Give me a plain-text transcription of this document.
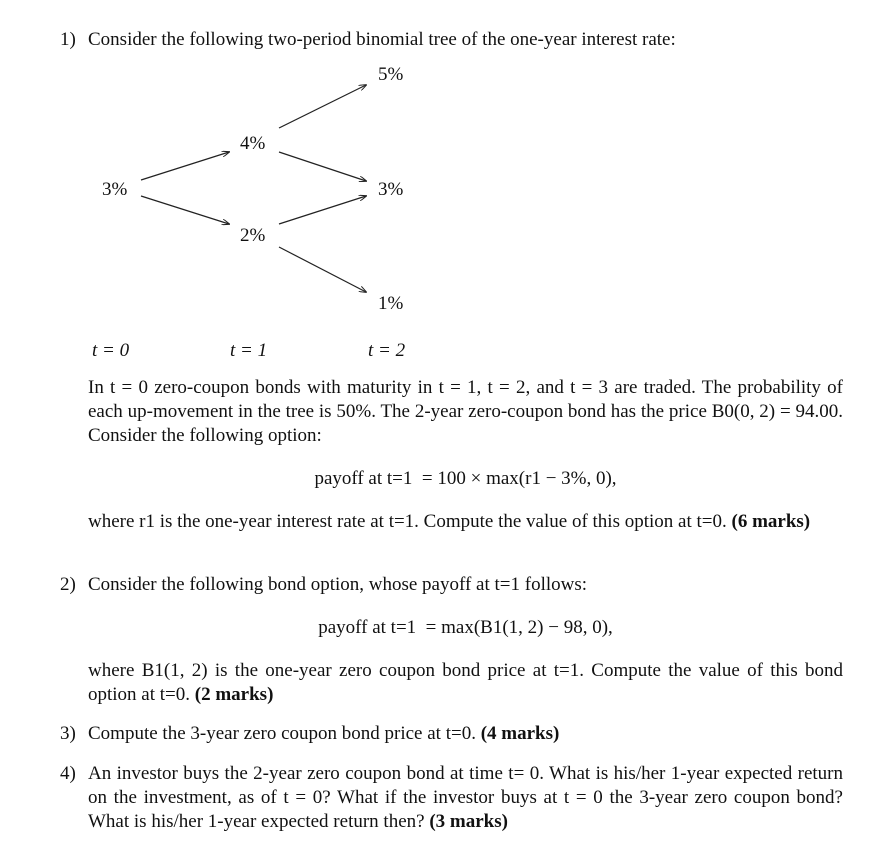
1) Consider the following two-period binomial tree of the one-year interest rate:
5%
4%
3%	3%
2%
1%
t = 0	t = 1	t = 2
In t = 0 zero-coupon bonds with maturity in t = 1, t = 2, and t = 3 are traded. The probability of each up-movement in the tree is 50%. The 2-year zero-coupon bond has the price B0(0, 2) = 94.00. Consider the following option:
payoff at t=1 = 100 × max(r1 − 3%, 0),
where r1 is the one-year interest rate at t=1. Compute the value of this option at t=0. (6 marks)
2) Consider the following bond option, whose payoff at t=1 follows:
payoff at t=1 = max(B1(1, 2) − 98, 0),
where B1(1, 2) is the one-year zero coupon bond price at t=1. Compute the value of this bond option at t=0. (2 marks)
3) Compute the 3-year zero coupon bond price at t=0. (4 marks)
4) An investor buys the 2-year zero coupon bond at time t= 0. What is his/her 1-year expected return on the investment, as of t = 0? What if the investor buys at t = 0 the 3-year zero coupon bond? What is his/her 1-year expected return then? (3 marks)
